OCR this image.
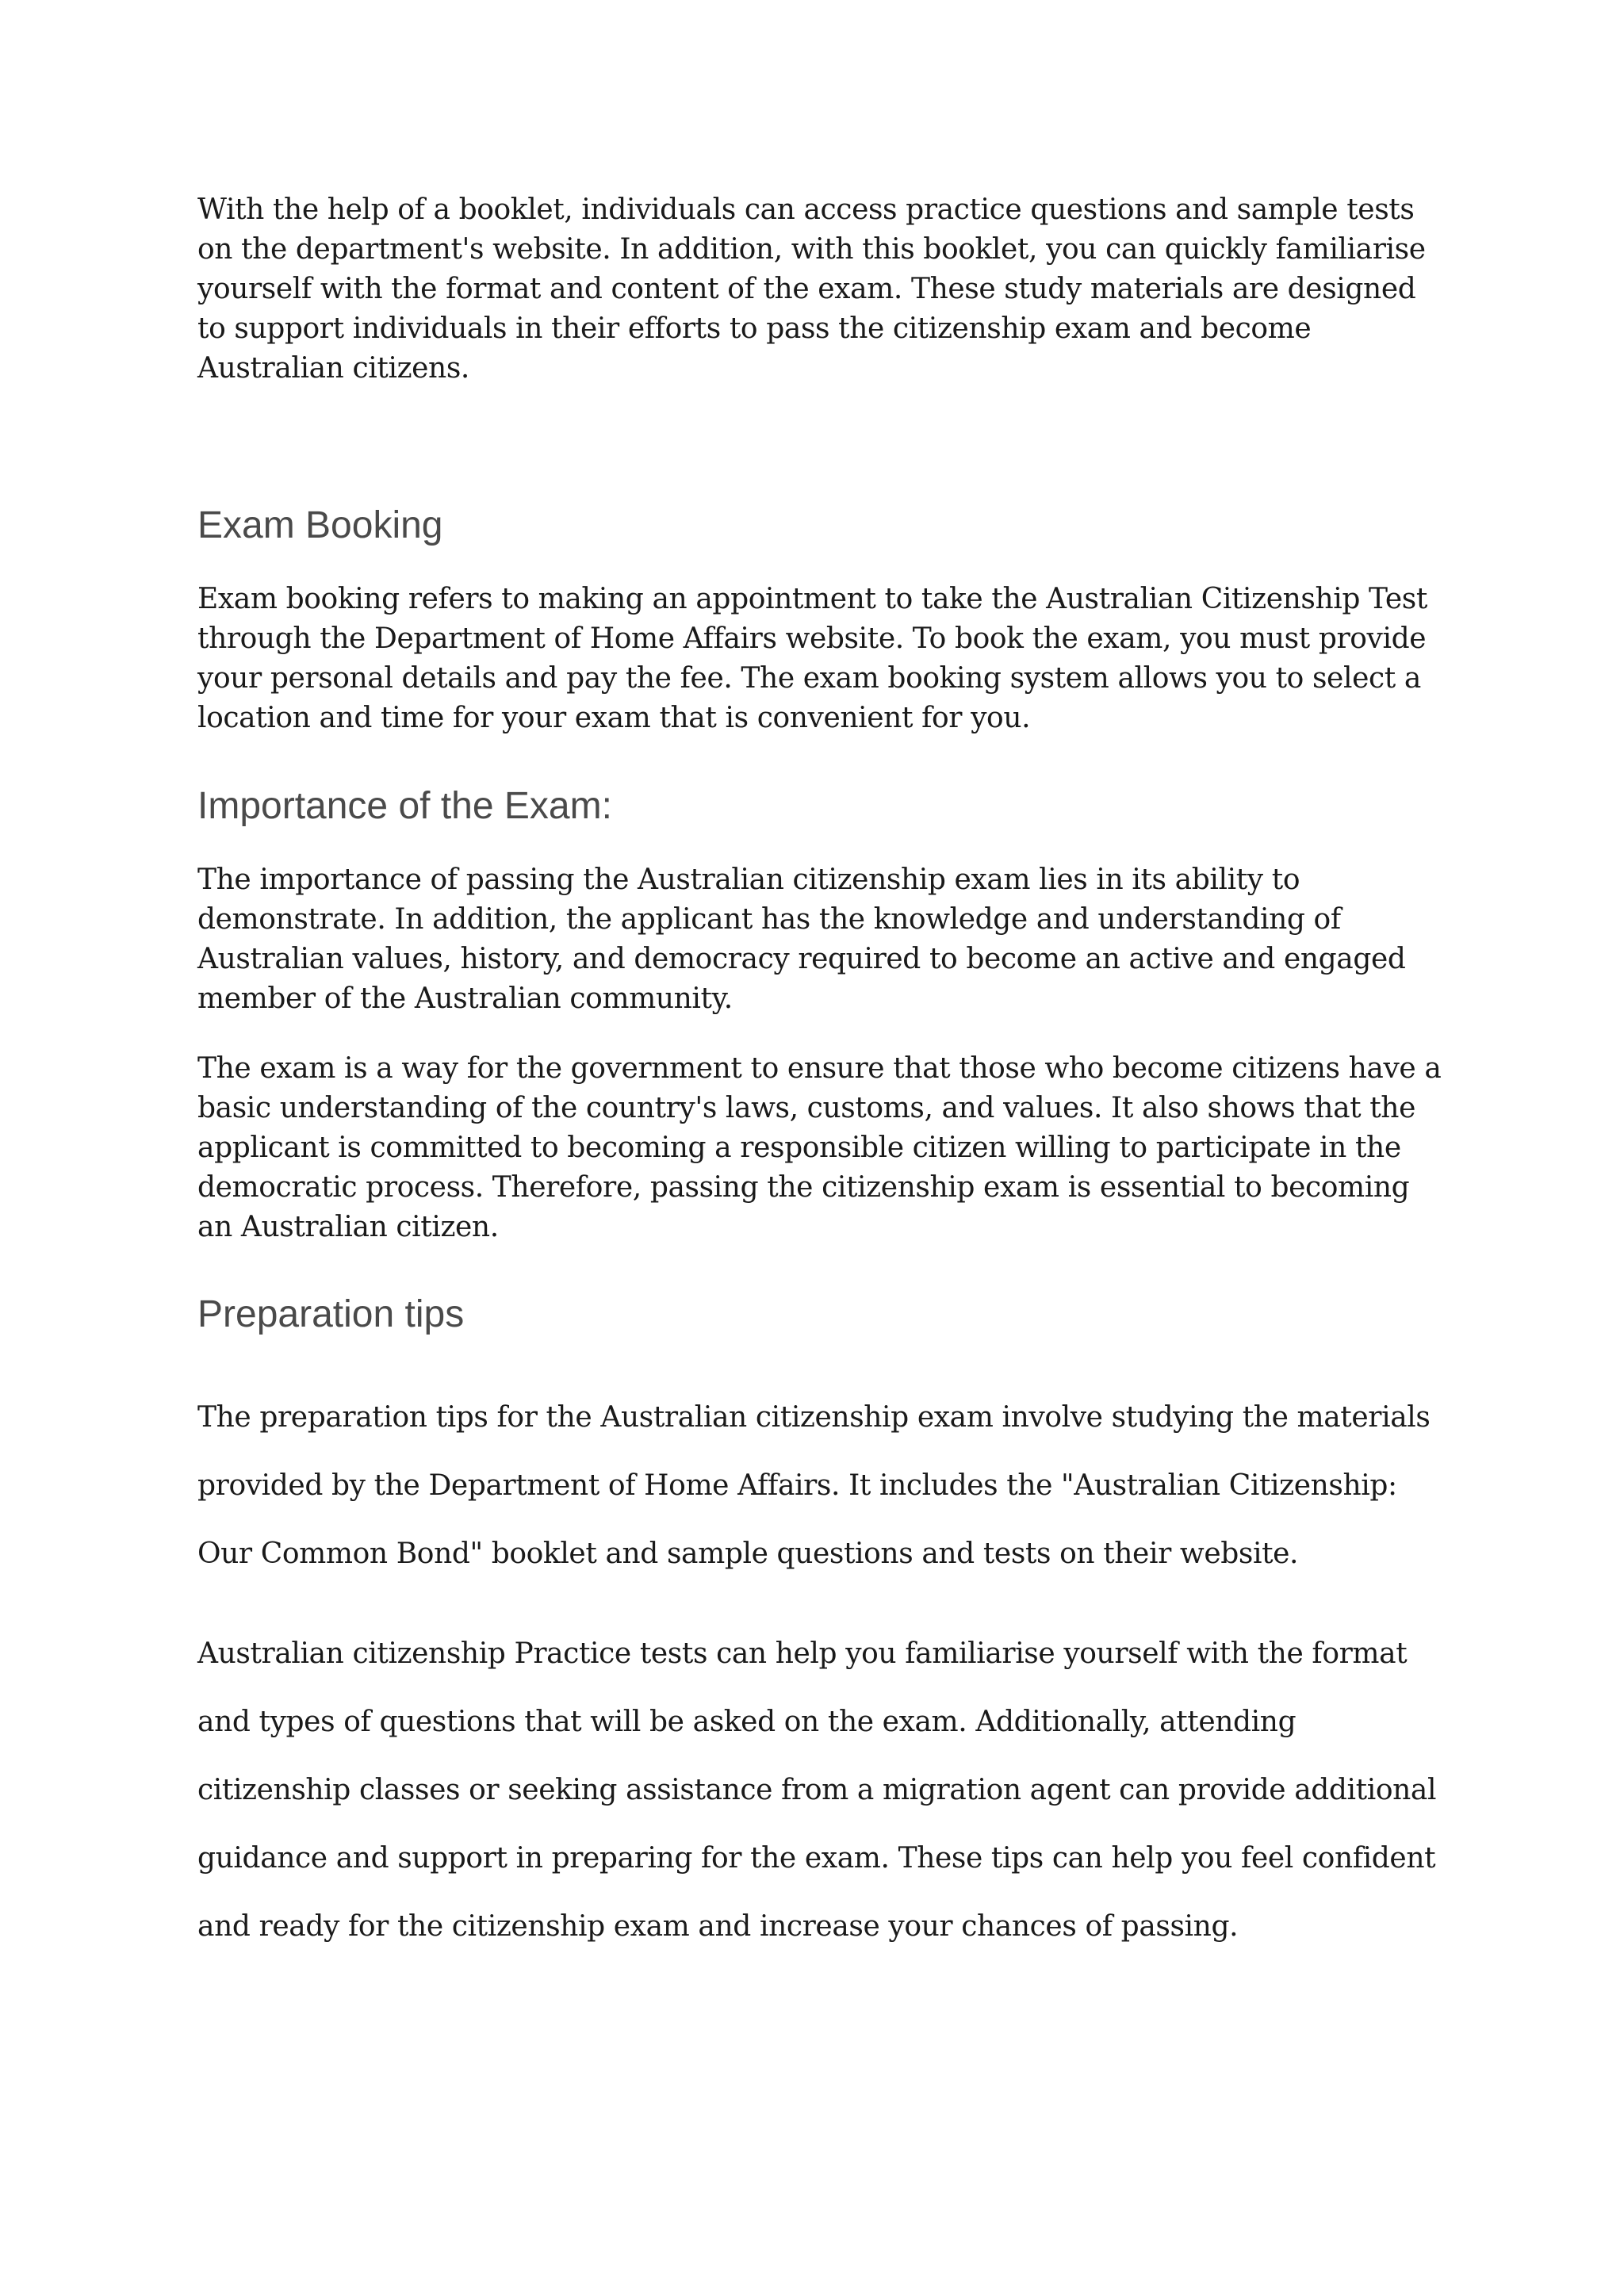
With the help of a booklet, individuals can access practice questions and sample tests on the department's website. In addition, with this booklet, you can quickly familiarise yourself with the format and content of the exam. These study materials are designed to support individuals in their efforts to pass the citizenship exam and become Australian citizens.

Exam Booking

Exam booking refers to making an appointment to take the Australian Citizenship Test through the Department of Home Affairs website. To book the exam, you must provide your personal details and pay the fee. The exam booking system allows you to select a location and time for your exam that is convenient for you.

Importance of the Exam:

The importance of passing the Australian citizenship exam lies in its ability to demonstrate. In addition, the applicant has the knowledge and understanding of Australian values, history, and democracy required to become an active and engaged member of the Australian community.

The exam is a way for the government to ensure that those who become citizens have a basic understanding of the country's laws, customs, and values. It also shows that the applicant is committed to becoming a responsible citizen willing to participate in the democratic process. Therefore, passing the citizenship exam is essential to becoming an Australian citizen.

Preparation tips

The preparation tips for the Australian citizenship exam involve studying the materials provided by the Department of Home Affairs. It includes the "Australian Citizenship: Our Common Bond" booklet and sample questions and tests on their website.

Australian citizenship Practice tests can help you familiarise yourself with the format and types of questions that will be asked on the exam. Additionally, attending citizenship classes or seeking assistance from a migration agent can provide additional guidance and support in preparing for the exam. These tips can help you feel confident and ready for the citizenship exam and increase your chances of passing.
